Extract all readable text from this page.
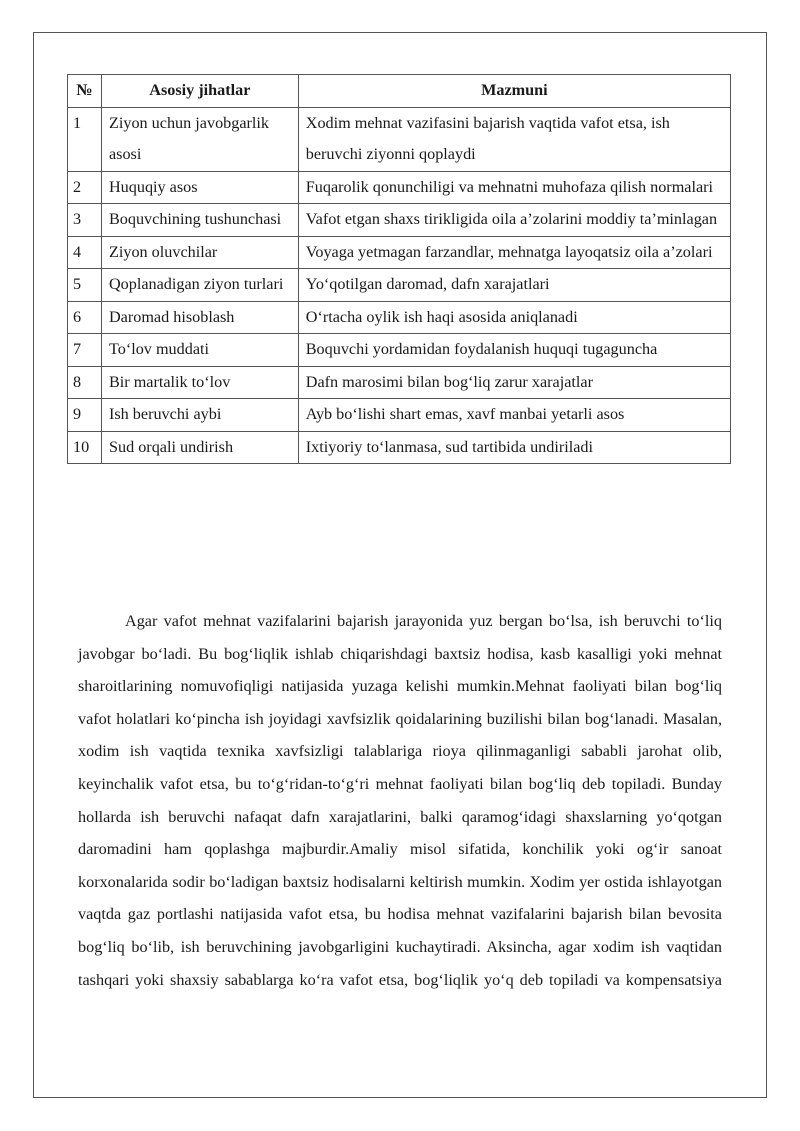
№	Asosiy jihatlar	Mazmuni
1	Ziyon uchun javobgarlik asosi	Xodim mehnat vazifasini bajarish vaqtida vafot etsa, ish beruvchi ziyonni qoplaydi
2	Huquqiy asos	Fuqarolik qonunchiligi va mehnatni muhofaza qilish normalari
3	Boquvchining tushunchasi	Vafot etgan shaxs tirikligida oila a’zolarini moddiy ta’minlagan
4	Ziyon oluvchilar	Voyaga yetmagan farzandlar, mehnatga layoqatsiz oila a’zolari
5	Qoplanadigan ziyon turlari	Yo‘qotilgan daromad, dafn xarajatlari
6	Daromad hisoblash	O‘rtacha oylik ish haqi asosida aniqlanadi
7	To‘lov muddati	Boquvchi yordamidan foydalanish huquqi tugaguncha
8	Bir martalik to‘lov	Dafn marosimi bilan bog‘liq zarur xarajatlar
9	Ish beruvchi aybi	Ayb bo‘lishi shart emas, xavf manbai yetarli asos
10	Sud orqali undirish	Ixtiyoriy to‘lanmasa, sud tartibida undiriladi

Agar vafot mehnat vazifalarini bajarish jarayonida yuz bergan bo‘lsa, ish beruvchi to‘liq javobgar bo‘ladi. Bu bog‘liqlik ishlab chiqarishdagi baxtsiz hodisa, kasb kasalligi yoki mehnat sharoitlarining nomuvofiqligi natijasida yuzaga kelishi mumkin.Mehnat faoliyati bilan bog‘liq vafot holatlari ko‘pincha ish joyidagi xavfsizlik qoidalarining buzilishi bilan bog‘lanadi. Masalan, xodim ish vaqtida texnika xavfsizligi talablariga rioya qilinmaganligi sababli jarohat olib, keyinchalik vafot etsa, bu to‘g‘ridan-to‘g‘ri mehnat faoliyati bilan bog‘liq deb topiladi. Bunday hollarda ish beruvchi nafaqat dafn xarajatlarini, balki qaramog‘idagi shaxslarning yo‘qotgan daromadini ham qoplashga majburdir.Amaliy misol sifatida, konchilik yoki og‘ir sanoat korxonalarida sodir bo‘ladigan baxtsiz hodisalarni keltirish mumkin. Xodim yer ostida ishlayotgan vaqtda gaz portlashi natijasida vafot etsa, bu hodisa mehnat vazifalarini bajarish bilan bevosita bog‘liq bo‘lib, ish beruvchining javobgarligini kuchaytiradi. Aksincha, agar xodim ish vaqtidan tashqari yoki shaxsiy sabablarga ko‘ra vafot etsa, bog‘liqlik yo‘q deb topiladi va kompensatsiya
